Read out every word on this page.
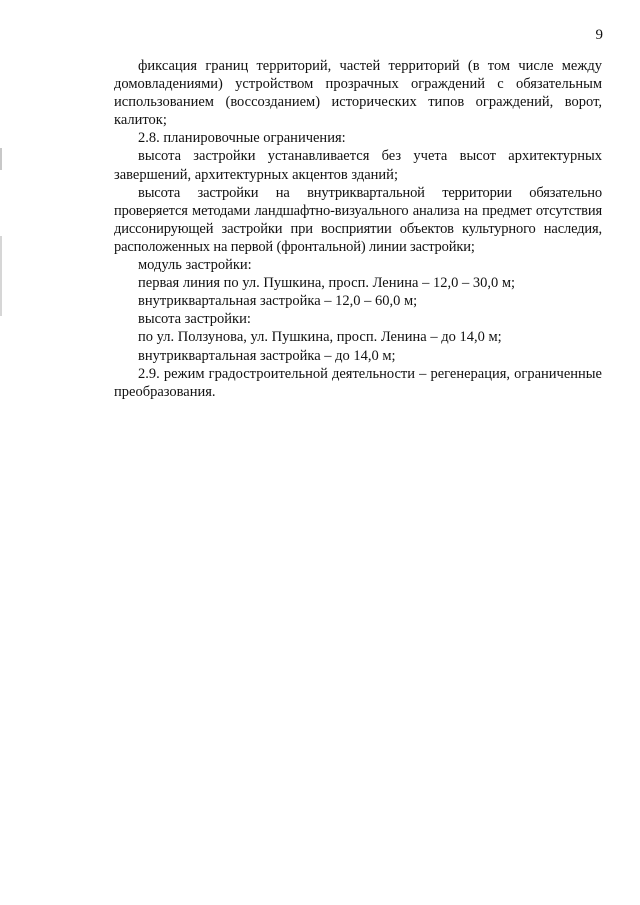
9

фиксация границ территорий, частей территорий (в том числе между домовладениями) устройством прозрачных ограждений с обязательным использованием (воссозданием) исторических типов ограждений, ворот, калиток;

2.8. планировочные ограничения:

высота застройки устанавливается без учета высот архитектурных завершений, архитектурных акцентов зданий;

высота застройки на внутриквартальной территории обязательно проверяется методами ландшафтно-визуального анализа на предмет отсутствия диссонирующей застройки при восприятии объектов культурного наследия, расположенных на первой (фронтальной) линии застройки;

модуль застройки:

первая линия по ул. Пушкина, просп. Ленина – 12,0 – 30,0 м;

внутриквартальная застройка – 12,0 – 60,0 м;

высота застройки:

по ул. Ползунова, ул. Пушкина, просп. Ленина – до 14,0 м;

внутриквартальная застройка – до 14,0 м;

2.9. режим градостроительной деятельности – регенерация, ограниченные преобразования.
